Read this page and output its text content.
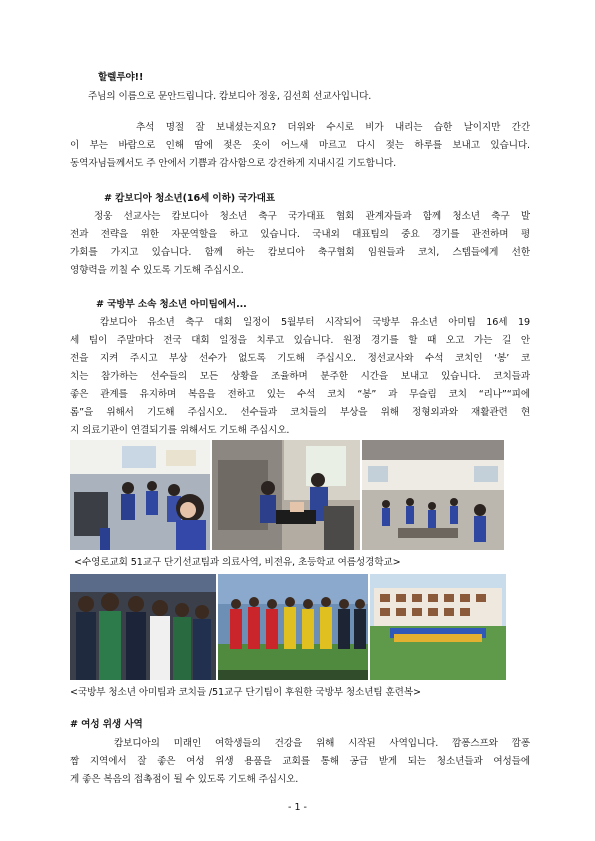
할렐루야!!
주님의 이름으로 문안드립니다. 캄보디아 정웅, 김선희 선교사입니다.
추석 명절 잘 보내셨는지요? 더위와 수시로 비가 내리는 습한 날이지만 간간
이 부는 바람으로 인해 땀에 젖은 옷이 어느새 마르고 다시 젖는 하루를 보내고 있습니다.
동역자님들께서도 주 안에서 기쁨과 감사함으로 강건하게 지내시길 기도합니다.
# 캄보디아 청소년(16세 이하) 국가대표
정웅 선교사는 캄보디아 청소년 축구 국가대표 협회 관계자들과 함께 청소년 축구 발
전과 전략을 위한 자문역할을 하고 있습니다. 국내외 대표팀의 중요 경기를 관전하며 평
가회를 가지고 있습니다. 함께 하는 캄보디아 축구협회 임원들과 코치, 스텝들에게 선한
영향력을 끼칠 수 있도록 기도해 주십시오.
# 국방부 소속 청소년 아미팀에서...
캄보디아 유소년 축구 대회 일정이 5월부터 시작되어 국방부 유소년 아미팀 16세 19
세 팀이 주말마다 전국 대회 일정을 치루고 있습니다. 원정 경기를 할 때 오고 가는 길 안
전을 지켜 주시고 부상 선수가 없도록 기도해 주십시오. 정선교사와 수석 코치인 ‘봉’ 코
치는 참가하는 선수들의 모든 상황을 조율하며 분주한 시간을 보내고 있습니다. 코치들과
좋은 관계를 유지하며 복음을 전하고 있는 수석 코치 “봉” 과 무슬림 코치 “리나”“피에
롬”을 위해서 기도해 주십시오. 선수들과 코치들의 부상을 위해 정형외과와 재활관련 현
지 의료기관이 연결되기를 위해서도 기도해 주십시오.
<수영로교회 51교구 단기선교팀과 의료사역, 비전유, 초등학교 여름성경학교>
<국방부 청소년 아미팀과 코치들 /51교구 단기팀이 후원한 국방부 청소년팀 훈련복>
# 여성 위생 사역
캄보디아의 미래인 여학생들의 건강을 위해 시작된 사역입니다. 깜퐁스프와 깜퐁
짬 지역에서 잘 좋은 여성 위생 용품을 교회를 통해 공급 받게 되는 청소년들과 여성들에
게 좋은 복음의 접촉점이 될 수 있도록 기도해 주십시오.
- 1 -
